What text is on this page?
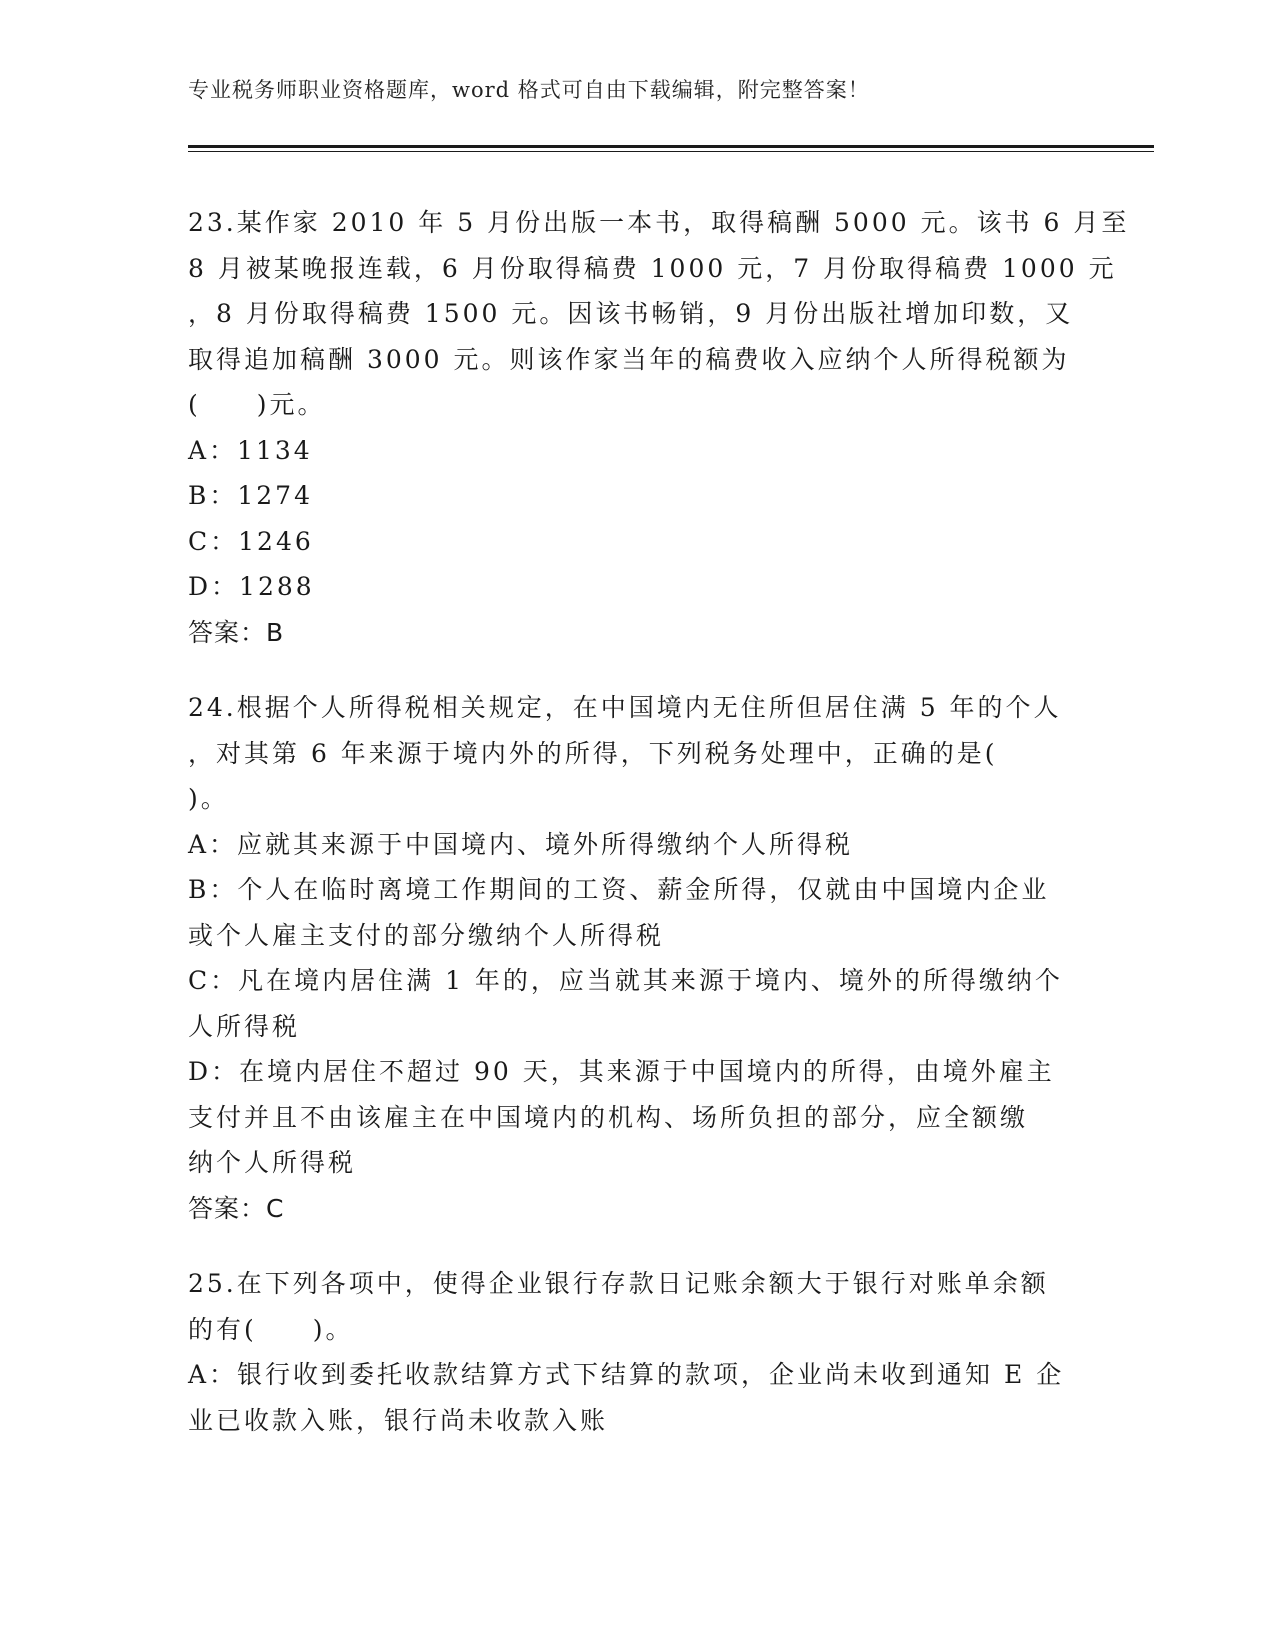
专业税务师职业资格题库，word 格式可自由下载编辑，附完整答案！
23.某作家 2010 年 5 月份出版一本书，取得稿酬 5000 元。该书 6 月至
8 月被某晚报连载，6 月份取得稿费 1000 元，7 月份取得稿费 1000 元
，8 月份取得稿费 1500 元。因该书畅销，9 月份出版社增加印数，又
取得追加稿酬 3000 元。则该作家当年的稿费收入应纳个人所得税额为
(　　)元。
A：1134
B：1274
C：1246
D：1288
答案：B
24.根据个人所得税相关规定，在中国境内无住所但居住满 5 年的个人
，对其第 6 年来源于境内外的所得，下列税务处理中，正确的是(
)。
A：应就其来源于中国境内、境外所得缴纳个人所得税
B：个人在临时离境工作期间的工资、薪金所得，仅就由中国境内企业
或个人雇主支付的部分缴纳个人所得税
C：凡在境内居住满 1 年的，应当就其来源于境内、境外的所得缴纳个
人所得税
D：在境内居住不超过 90 天，其来源于中国境内的所得，由境外雇主
支付并且不由该雇主在中国境内的机构、场所负担的部分，应全额缴
纳个人所得税
答案：C
25.在下列各项中，使得企业银行存款日记账余额大于银行对账单余额
的有(　　)。
A：银行收到委托收款结算方式下结算的款项，企业尚未收到通知 E 企
业已收款入账，银行尚未收款入账
